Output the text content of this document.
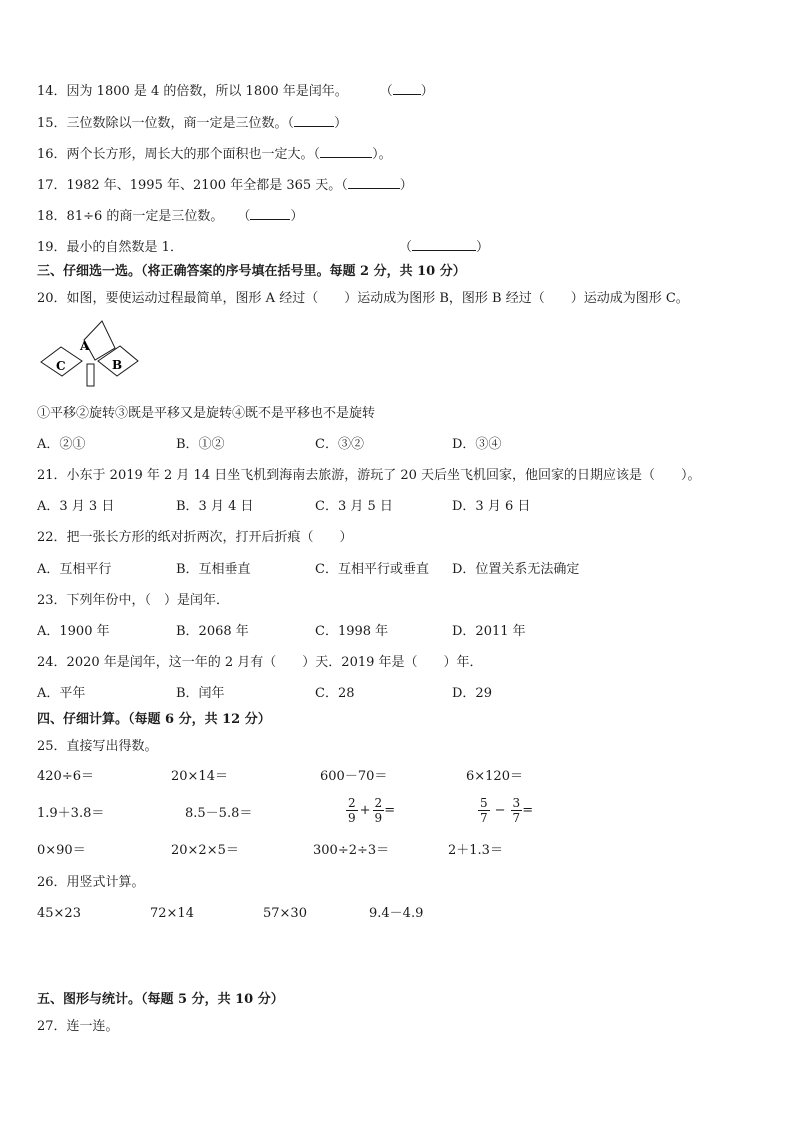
14．因为 1800 是 4 的倍数，所以 1800 年是闰年。 （ ）
15．三位数除以一位数，商一定是三位数。（	）
16．两个长方形，周长大的那个面积也一定大。（	）。
17．1982 年、1995 年、2100 年全都是 365 天。（	）
18．81÷6 的商一定是三位数。 （	）
19．最小的自然数是 1．	（	）
三、仔细选一选。（将正确答案的序号填在括号里。每题 2 分，共 10 分）
20．如图，要使运动过程最简单，图形 A 经过（　　）运动成为图形 B，图形 B 经过（　　）运动成为图形 C。
A
B
C
①平移②旋转③既是平移又是旋转④既不是平移也不是旋转
A．②①	B．①②	C．③②	D．③④
21．小东于 2019 年 2 月 14 日坐飞机到海南去旅游，游玩了 20 天后坐飞机回家，他回家的日期应该是（　　）。
A．3 月 3 日	B．3 月 4 日	C．3 月 5 日	D．3 月 6 日
22．把一张长方形的纸对折两次，打开后折痕（　　）
A．互相平行	B．互相垂直	C．互相平行或垂直 D．位置关系无法确定
23．下列年份中，（　）是闰年．
A．1900 年	B．2068 年	C．1998 年	D．2011 年
24．2020 年是闰年，这一年的 2 月有（　　）天．2019 年是（　　）年．
A．平年	B．闰年	C．28	D．29
四、仔细计算。（每题 6 分，共 12 分）
25．直接写出得数。
420÷6＝	20×14＝	600－70＝	6×120＝
1.9＋3.8＝	8.5－5.8＝	$\frac{2}{9} + \frac{2}{9}$ =	$\frac{5}{7} - \frac{3}{7}$ =
0×90＝	20×2×5＝	300÷2÷3＝	2＋1.3＝
26．用竖式计算。
45×23	72×14	57×30	9.4－4.9
五、图形与统计。（每题 5 分，共 10 分）
27．连一连。
